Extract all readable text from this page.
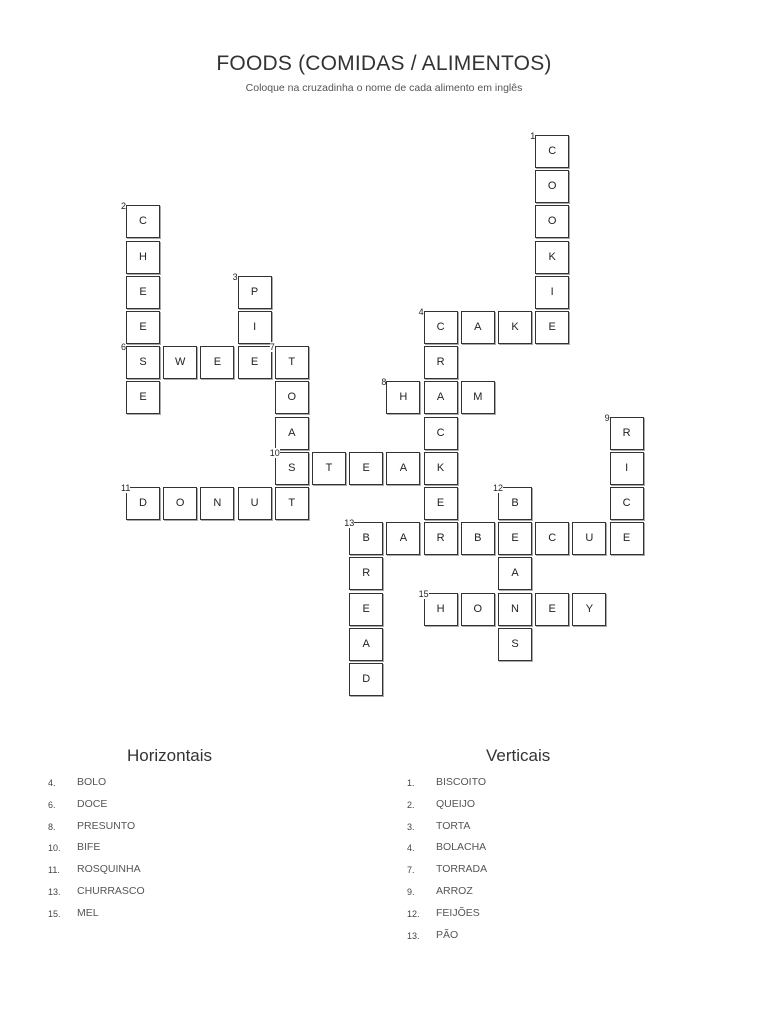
FOODS (COMIDAS / ALIMENTOS)
Coloque na cruzadinha o nome de cada alimento em inglês
C
1
O
O
K
I
E
C
2
H
E
E
S
6
E
P
3
I
E
C
4
A	K
R
A
C
K
E
R
W	E	T
7
O
A
S
10
T
H
8
M
R
9
I
C
E
T	E	A
D
11
O	N	U	B
12
E
A
N
S
B
13
A	B	C	U
R
E
A
D
H
15
O	E	Y
Horizontais	Verticais
4. BOLO
6. DOCE
8. PRESUNTO
10. BIFE
11. ROSQUINHA
13. CHURRASCO
15. MEL
1. BISCOITO
2. QUEIJO
3. TORTA
4. BOLACHA
7. TORRADA
9. ARROZ
12. FEIJÕES
13. PÃO
